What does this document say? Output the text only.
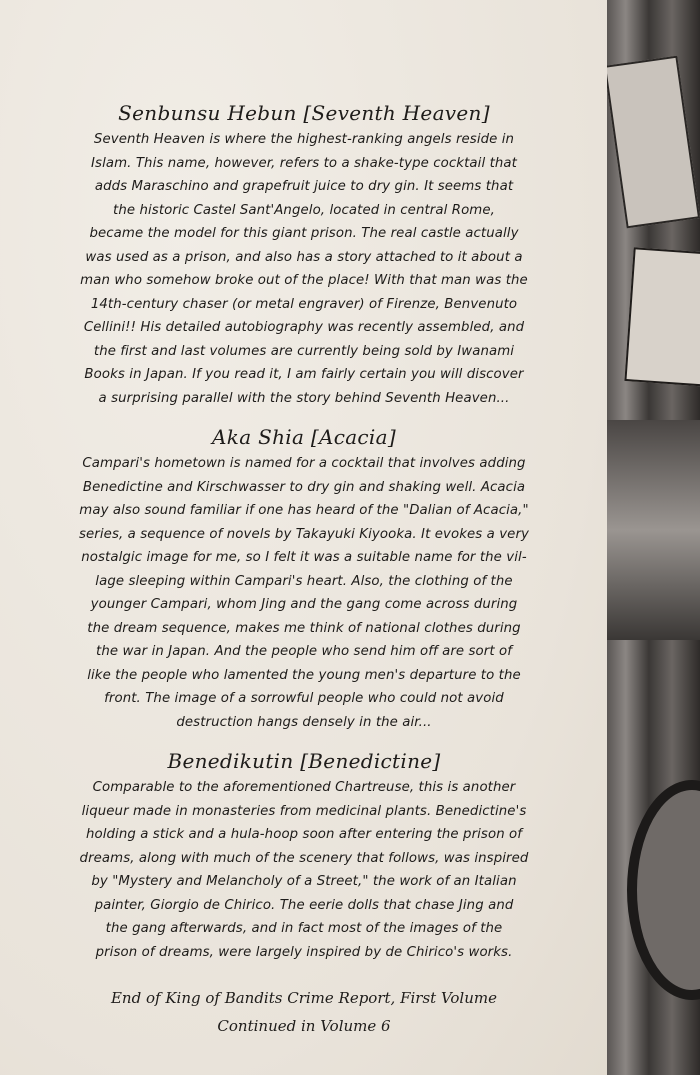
Senbunsu Hebun [Seventh Heaven]
Seventh Heaven is where the highest-ranking angels reside in
Islam. This name, however, refers to a shake-type cocktail that
adds Maraschino and grapefruit juice to dry gin. It seems that
the historic Castel Sant'Angelo, located in central Rome,
became the model for this giant prison. The real castle actually
was used as a prison, and also has a story attached to it about a
man who somehow broke out of the place! With that man was the
14th-century chaser (or metal engraver) of Firenze, Benvenuto
Cellini!! His detailed autobiography was recently assembled, and
the first and last volumes are currently being sold by Iwanami
Books in Japan. If you read it, I am fairly certain you will discover
a surprising parallel with the story behind Seventh Heaven...
Aka Shia [Acacia]
Campari's hometown is named for a cocktail that involves adding
Benedictine and Kirschwasser to dry gin and shaking well. Acacia
may also sound familiar if one has heard of the "Dalian of Acacia,"
series, a sequence of novels by Takayuki Kiyooka. It evokes a very
nostalgic image for me, so I felt it was a suitable name for the vil-
lage sleeping within Campari's heart. Also, the clothing of the
younger Campari, whom Jing and the gang come across during
the dream sequence, makes me think of national clothes during
the war in Japan. And the people who send him off are sort of
like the people who lamented the young men's departure to the
front. The image of a sorrowful people who could not avoid
destruction hangs densely in the air...
Benedikutin [Benedictine]
Comparable to the aforementioned Chartreuse, this is another
liqueur made in monasteries from medicinal plants. Benedictine's
holding a stick and a hula-hoop soon after entering the prison of
dreams, along with much of the scenery that follows, was inspired
by "Mystery and Melancholy of a Street," the work of an Italian
painter, Giorgio de Chirico. The eerie dolls that chase Jing and
the gang afterwards, and in fact most of the images of the
prison of dreams, were largely inspired by de Chirico's works.
End of King of Bandits Crime Report, First Volume
Continued in Volume 6
